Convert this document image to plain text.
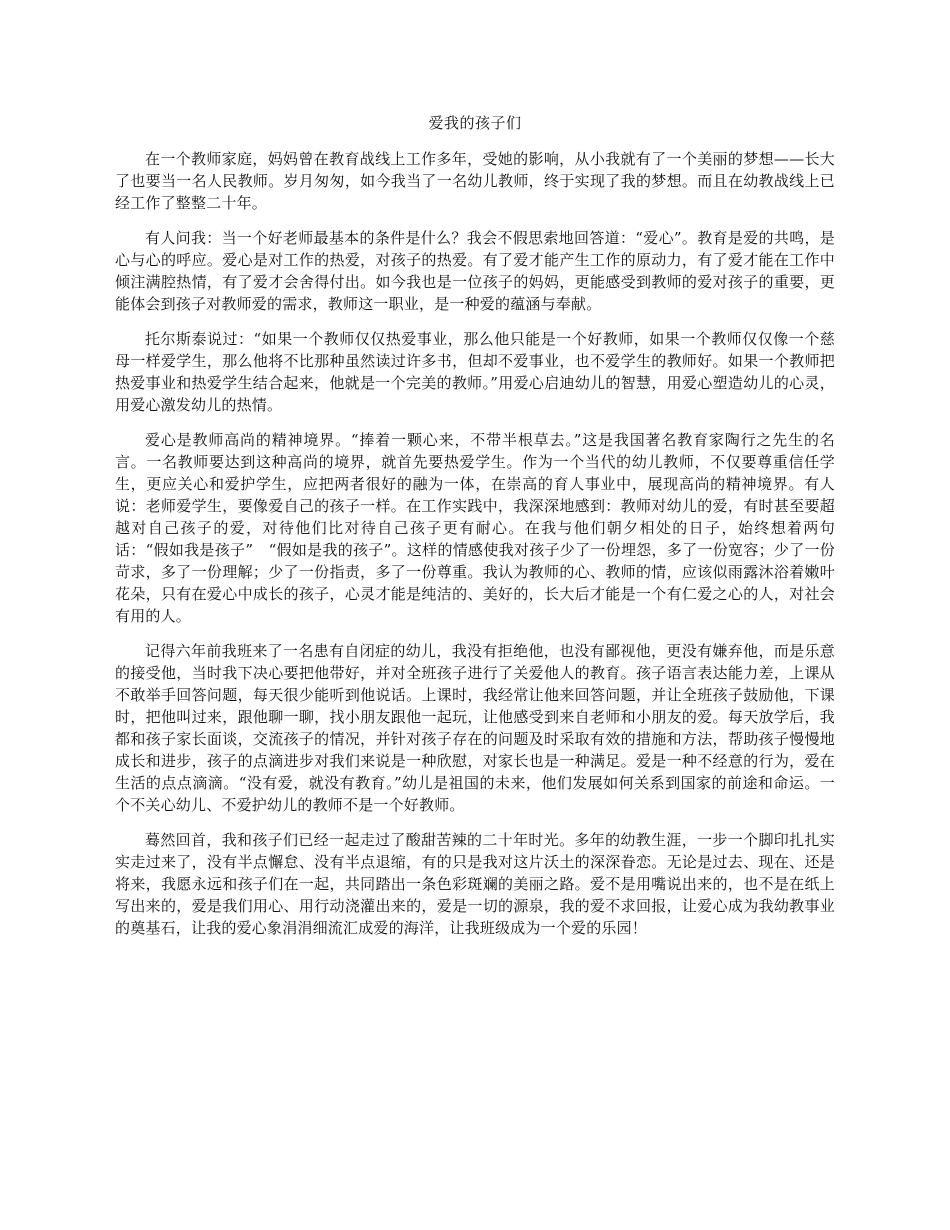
爱我的孩子们

在一个教师家庭，妈妈曾在教育战线上工作多年，受她的影响，从小我就有了一个美丽的梦想——长大了也要当一名人民教师。岁月匆匆，如今我当了一名幼儿教师，终于实现了我的梦想。而且在幼教战线上已经工作了整整二十年。

有人问我：当一个好老师最基本的条件是什么？我会不假思索地回答道：“爱心”。教育是爱的共鸣，是心与心的呼应。爱心是对工作的热爱，对孩子的热爱。有了爱才能产生工作的原动力，有了爱才能在工作中倾注满腔热情，有了爱才会舍得付出。如今我也是一位孩子的妈妈，更能感受到教师的爱对孩子的重要，更能体会到孩子对教师爱的需求，教师这一职业，是一种爱的蕴涵与奉献。

托尔斯泰说过：“如果一个教师仅仅热爱事业，那么他只能是一个好教师，如果一个教师仅仅像一个慈母一样爱学生，那么他将不比那种虽然读过许多书，但却不爱事业，也不爱学生的教师好。如果一个教师把热爱事业和热爱学生结合起来，他就是一个完美的教师。”用爱心启迪幼儿的智慧，用爱心塑造幼儿的心灵，用爱心激发幼儿的热情。

爱心是教师高尚的精神境界。“捧着一颗心来，不带半根草去。”这是我国著名教育家陶行之先生的名言。一名教师要达到这种高尚的境界，就首先要热爱学生。作为一个当代的幼儿教师，不仅要尊重信任学生，更应关心和爱护学生，应把两者很好的融为一体，在崇高的育人事业中，展现高尚的精神境界。有人说：老师爱学生，要像爱自己的孩子一样。在工作实践中，我深深地感到：教师对幼儿的爱，有时甚至要超越对自己孩子的爱，对待他们比对待自己孩子更有耐心。在我与他们朝夕相处的日子，始终想着两句话：“假如我是孩子”　“假如是我的孩子”。这样的情感使我对孩子少了一份埋怨，多了一份宽容；少了一份苛求，多了一份理解；少了一份指责，多了一份尊重。我认为教师的心、教师的情，应该似雨露沐浴着嫩叶花朵，只有在爱心中成长的孩子，心灵才能是纯洁的、美好的，长大后才能是一个有仁爱之心的人，对社会有用的人。

记得六年前我班来了一名患有自闭症的幼儿，我没有拒绝他，也没有鄙视他，更没有嫌弃他，而是乐意的接受他，当时我下决心要把他带好，并对全班孩子进行了关爱他人的教育。孩子语言表达能力差，上课从不敢举手回答问题，每天很少能听到他说话。上课时，我经常让他来回答问题，并让全班孩子鼓励他，下课时，把他叫过来，跟他聊一聊，找小朋友跟他一起玩，让他感受到来自老师和小朋友的爱。每天放学后，我都和孩子家长面谈，交流孩子的情况，并针对孩子存在的问题及时采取有效的措施和方法，帮助孩子慢慢地成长和进步，孩子的点滴进步对我们来说是一种欣慰，对家长也是一种满足。爱是一种不经意的行为，爱在生活的点点滴滴。“没有爱，就没有教育。”幼儿是祖国的未来，他们发展如何关系到国家的前途和命运。一个不关心幼儿、不爱护幼儿的教师不是一个好教师。

蓦然回首，我和孩子们已经一起走过了酸甜苦辣的二十年时光。多年的幼教生涯，一步一个脚印扎扎实实走过来了，没有半点懈怠、没有半点退缩，有的只是我对这片沃土的深深眷恋。无论是过去、现在、还是将来，我愿永远和孩子们在一起，共同踏出一条色彩斑斓的美丽之路。爱不是用嘴说出来的，也不是在纸上写出来的，爱是我们用心、用行动浇灌出来的，爱是一切的源泉，我的爱不求回报，让爱心成为我幼教事业的奠基石，让我的爱心象涓涓细流汇成爱的海洋，让我班级成为一个爱的乐园！
